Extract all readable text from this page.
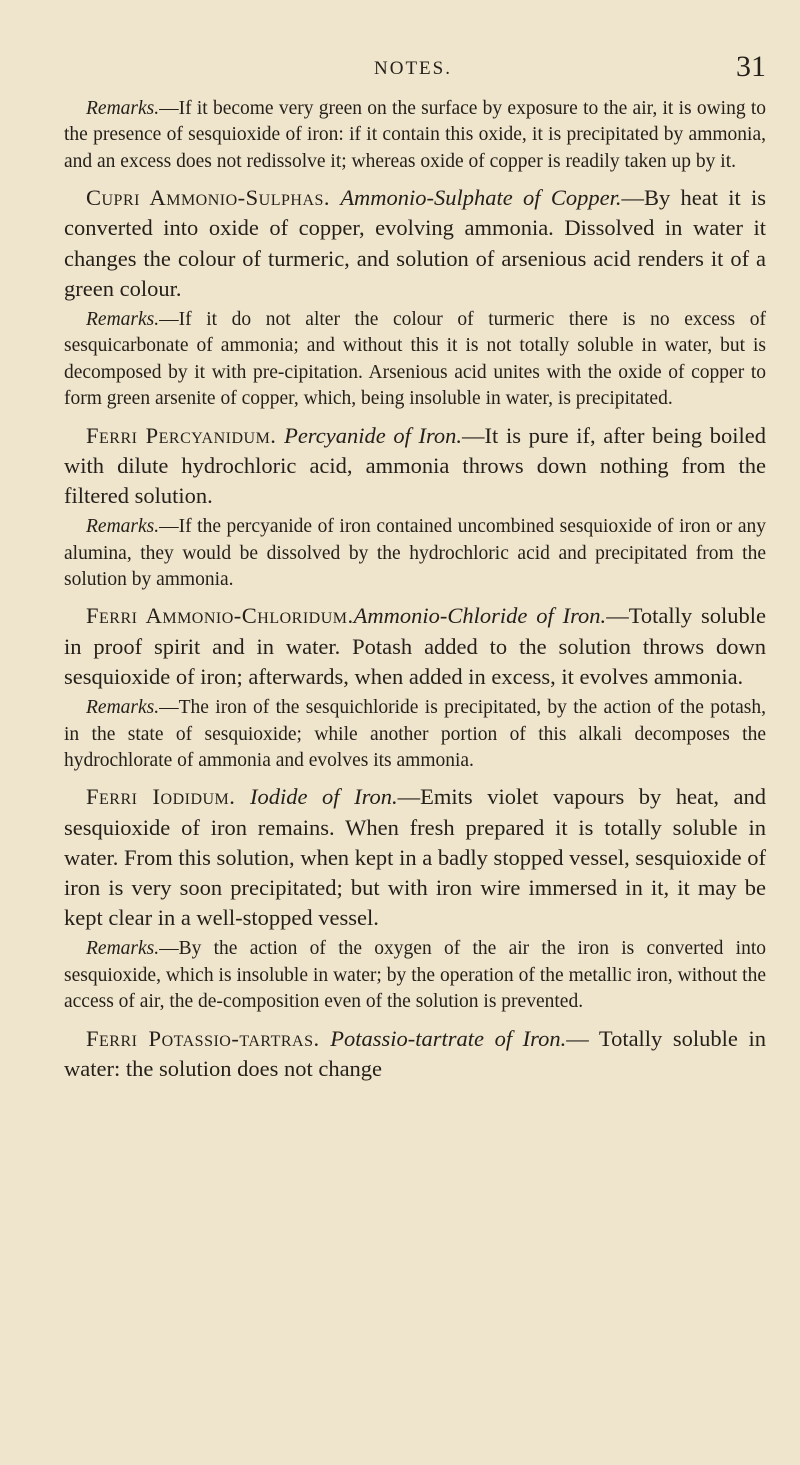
NOTES.	31

Remarks.—If it become very green on the surface by exposure to the air, it is owing to the presence of sesquioxide of iron: if it contain this oxide, it is precipitated by ammonia, and an excess does not redissolve it; whereas oxide of copper is readily taken up by it.

Cupri Ammonio-Sulphas. Ammonio-Sulphate of Copper.—By heat it is converted into oxide of copper, evolving ammonia. Dissolved in water it changes the colour of turmeric, and solution of arsenious acid renders it of a green colour.

Remarks.—If it do not alter the colour of turmeric there is no excess of sesquicarbonate of ammonia; and without this it is not totally soluble in water, but is decomposed by it with pre-cipitation. Arsenious acid unites with the oxide of copper to form green arsenite of copper, which, being insoluble in water, is precipitated.

Ferri Percyanidum. Percyanide of Iron.—It is pure if, after being boiled with dilute hydrochloric acid, ammonia throws down nothing from the filtered solution.

Remarks.—If the percyanide of iron contained uncombined sesquioxide of iron or any alumina, they would be dissolved by the hydrochloric acid and precipitated from the solution by ammonia.

Ferri Ammonio-Chloridum.Ammonio-Chloride of Iron.—Totally soluble in proof spirit and in water. Potash added to the solution throws down sesquioxide of iron; afterwards, when added in excess, it evolves ammonia.

Remarks.—The iron of the sesquichloride is precipitated, by the action of the potash, in the state of sesquioxide; while another portion of this alkali decomposes the hydrochlorate of ammonia and evolves its ammonia.

Ferri Iodidum. Iodide of Iron.—Emits violet vapours by heat, and sesquioxide of iron remains. When fresh prepared it is totally soluble in water. From this solution, when kept in a badly stopped vessel, sesquioxide of iron is very soon precipitated; but with iron wire immersed in it, it may be kept clear in a well-stopped vessel.

Remarks.—By the action of the oxygen of the air the iron is converted into sesquioxide, which is insoluble in water; by the operation of the metallic iron, without the access of air, the de-composition even of the solution is prevented.

Ferri Potassio-tartras. Potassio-tartrate of Iron.— Totally soluble in water: the solution does not change
